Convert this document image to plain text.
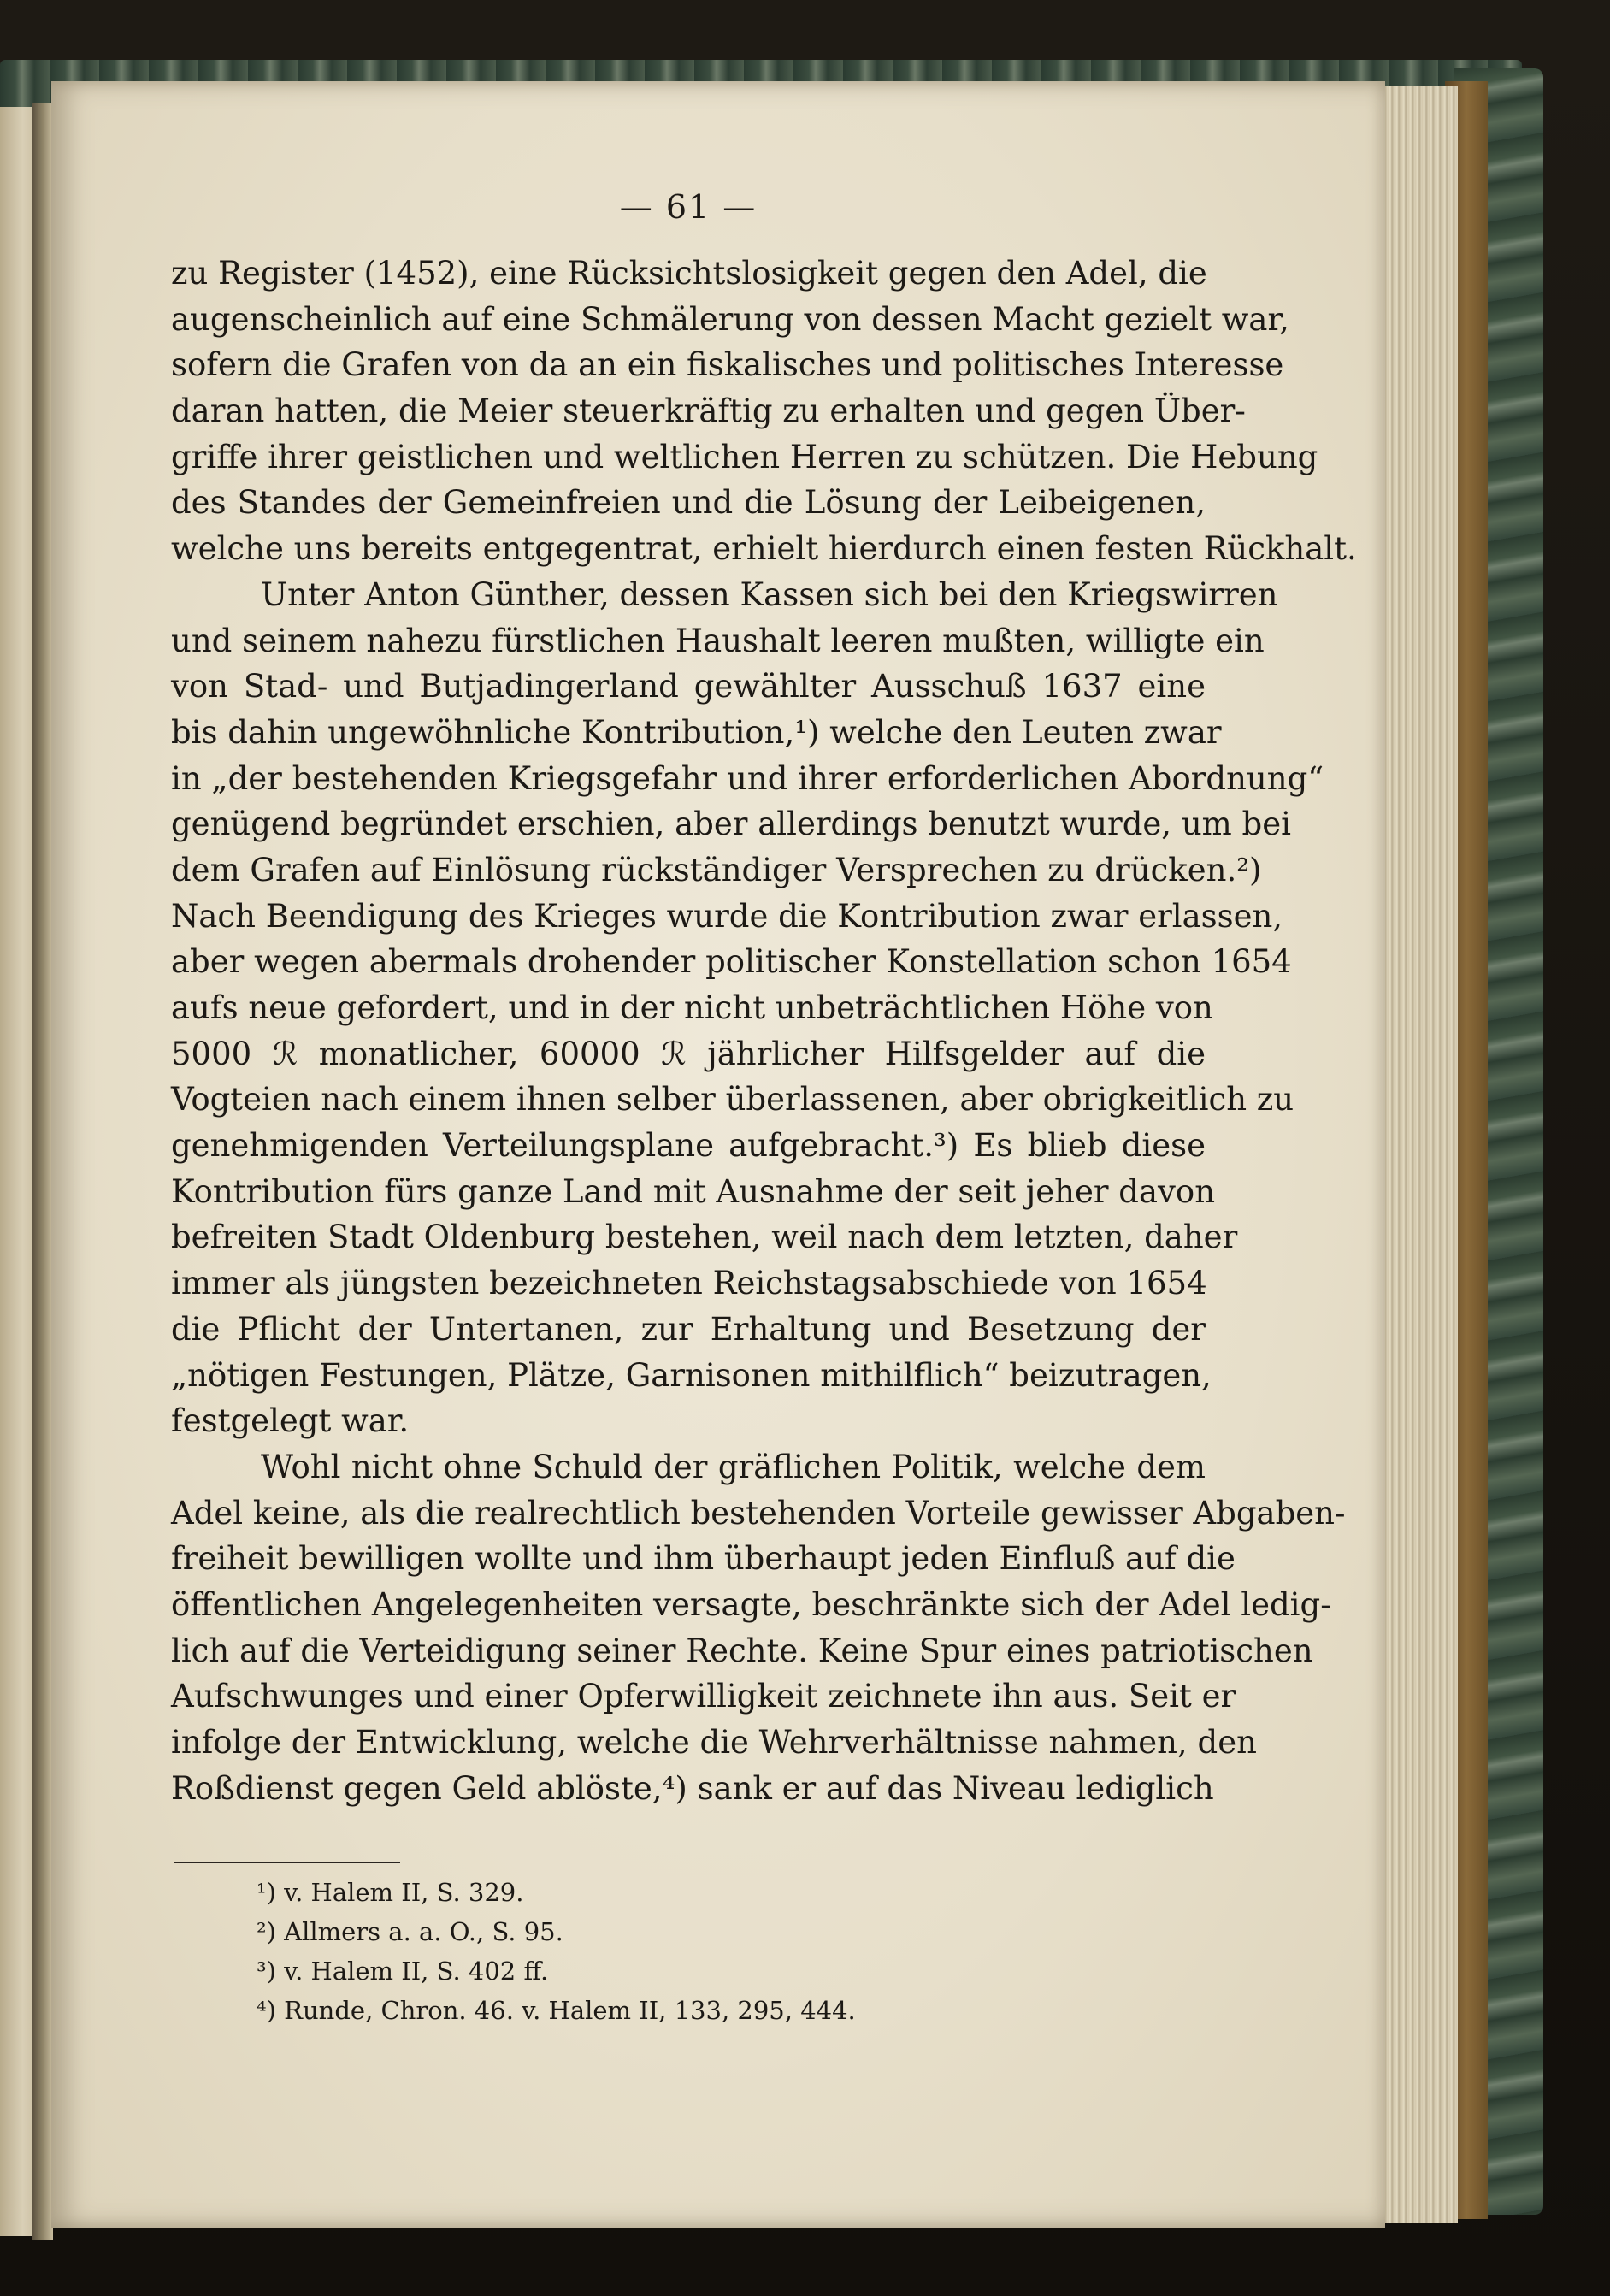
— 61 —
zu Register (1452), eine Rücksichtslosigkeit gegen den Adel, die
augenscheinlich auf eine Schmälerung von dessen Macht gezielt war,
sofern die Grafen von da an ein fiskalisches und politisches Interesse
daran hatten, die Meier steuerkräftig zu erhalten und gegen Über-
griffe ihrer geistlichen und weltlichen Herren zu schützen. Die Hebung
des Standes der Gemeinfreien und die Lösung der Leibeigenen,
welche uns bereits entgegentrat, erhielt hierdurch einen festen Rückhalt.
Unter Anton Günther, dessen Kassen sich bei den Kriegswirren
und seinem nahezu fürstlichen Haushalt leeren mußten, willigte ein
von Stad- und Butjadingerland gewählter Ausschuß 1637 eine
bis dahin ungewöhnliche Kontribution,¹) welche den Leuten zwar
in „der bestehenden Kriegsgefahr und ihrer erforderlichen Abordnung“
genügend begründet erschien, aber allerdings benutzt wurde, um bei
dem Grafen auf Einlösung rückständiger Versprechen zu drücken.²)
Nach Beendigung des Krieges wurde die Kontribution zwar erlassen,
aber wegen abermals drohender politischer Konstellation schon 1654
aufs neue gefordert, und in der nicht unbeträchtlichen Höhe von
5000 ℛ monatlicher, 60000 ℛ jährlicher Hilfsgelder auf die
Vogteien nach einem ihnen selber überlassenen, aber obrigkeitlich zu
genehmigenden Verteilungsplane aufgebracht.³) Es blieb diese
Kontribution fürs ganze Land mit Ausnahme der seit jeher davon
befreiten Stadt Oldenburg bestehen, weil nach dem letzten, daher
immer als jüngsten bezeichneten Reichstagsabschiede von 1654
die Pflicht der Untertanen, zur Erhaltung und Besetzung der
„nötigen Festungen, Plätze, Garnisonen mithilflich“ beizutragen,
festgelegt war.
Wohl nicht ohne Schuld der gräflichen Politik, welche dem
Adel keine, als die realrechtlich bestehenden Vorteile gewisser Abgaben-
freiheit bewilligen wollte und ihm überhaupt jeden Einfluß auf die
öffentlichen Angelegenheiten versagte, beschränkte sich der Adel ledig-
lich auf die Verteidigung seiner Rechte. Keine Spur eines patriotischen
Aufschwunges und einer Opferwilligkeit zeichnete ihn aus. Seit er
infolge der Entwicklung, welche die Wehrverhältnisse nahmen, den
Roßdienst gegen Geld ablöste,⁴) sank er auf das Niveau lediglich
¹) v. Halem II, S. 329.
²) Allmers a. a. O., S. 95.
³) v. Halem II, S. 402 ff.
⁴) Runde, Chron. 46. v. Halem II, 133, 295, 444.
